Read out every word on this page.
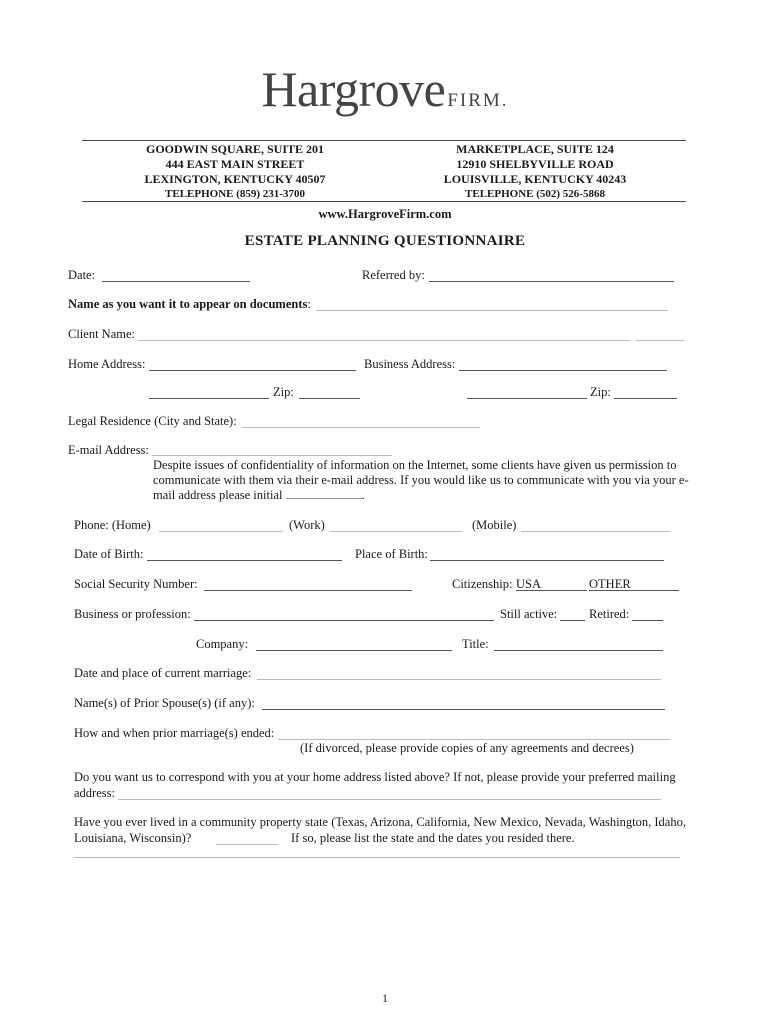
Hargrove FIRM.
GOODWIN SQUARE, SUITE 201
444 EAST MAIN STREET
LEXINGTON, KENTUCKY 40507
TELEPHONE (859) 231-3700
MARKETPLACE, SUITE 124
12910 SHELBYVILLE ROAD
LOUISVILLE, KENTUCKY 40243
TELEPHONE (502) 526-5868
www.HargroveFirm.com
ESTATE PLANNING QUESTIONNAIRE
Date:	Referred by:
Name as you want it to appear on documents:
Client Name:
Home Address:	Business Address:
Zip:	Zip:
Legal Residence (City and State):
E-mail Address:
Despite issues of confidentiality of information on the Internet, some clients have given us permission to
communicate with them via their e-mail address. If you would like us to communicate with you via your e-
mail address please initial	.
Phone: (Home)	(Work)	(Mobile)
Date of Birth:	Place of Birth:
Social Security Number:	Citizenship: USA	OTHER
Business or profession:	Still active:	Retired:
Company:	Title:
Date and place of current marriage:
Name(s) of Prior Spouse(s) (if any):
How and when prior marriage(s) ended:
(If divorced, please provide copies of any agreements and decrees)
Do you want us to correspond with you at your home address listed above? If not, please provide your preferred mailing
address:
Have you ever lived in a community property state (Texas, Arizona, California, New Mexico, Nevada, Washington, Idaho,
Louisiana, Wisconsin)?	If so, please list the state and the dates you resided there.
1
